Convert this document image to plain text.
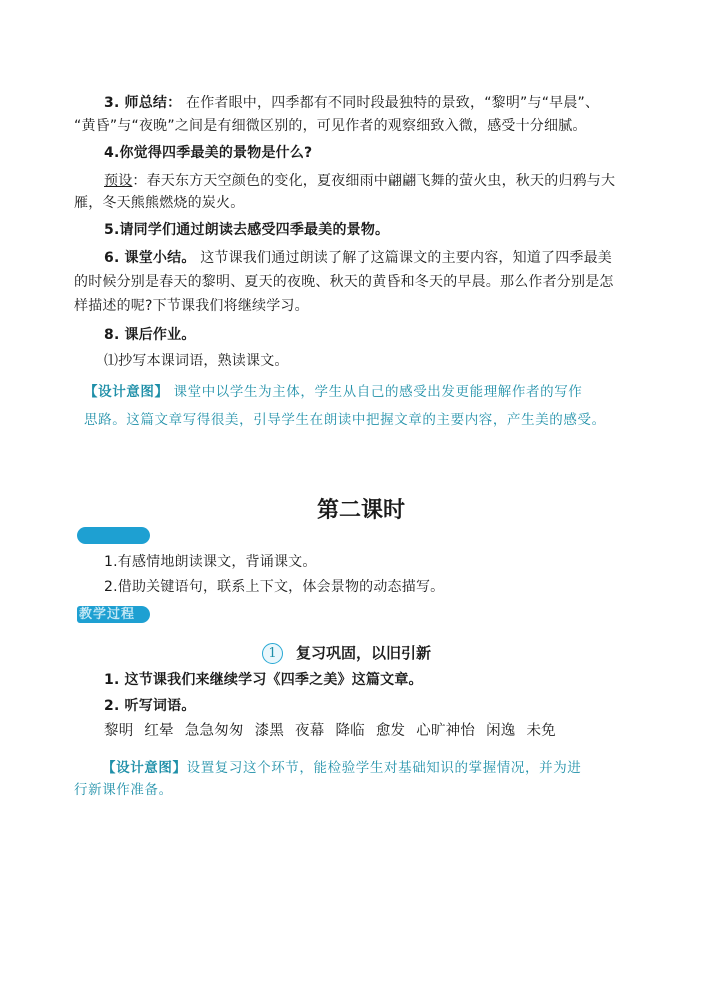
3. 师总结： 在作者眼中，四季都有不同时段最独特的景致，“黎明”与“早晨”、
“黄昏”与“夜晚”之间是有细微区别的，可见作者的观察细致入微，感受十分细腻。
4.你觉得四季最美的景物是什么?
预设：春天东方天空颜色的变化，夏夜细雨中翩翩飞舞的萤火虫，秋天的归鸦与大
雁，冬天熊熊燃烧的炭火。
5.请同学们通过朗读去感受四季最美的景物。
6. 课堂小结。 这节课我们通过朗读了解了这篇课文的主要内容，知道了四季最美
的时候分别是春天的黎明、夏天的夜晚、秋天的黄昏和冬天的早晨。那么作者分别是怎
样描述的呢?下节课我们将继续学习。
8. 课后作业。
⑴抄写本课词语，熟读课文。
【设计意图】 课堂中以学生为主体，学生从自己的感受出发更能理解作者的写作
思路。这篇文章写得很美，引导学生在朗读中把握文章的主要内容，产生美的感受。
第二课时
1.有感情地朗读课文，背诵课文。
2.借助关键语句，联系上下文，体会景物的动态描写。
教学过程
1	复习巩固，以旧引新
1. 这节课我们来继续学习《四季之美》这篇文章。
2. 听写词语。
黎明 红晕 急急匆匆 漆黑 夜幕 降临 愈发 心旷神怡 闲逸 未免
【设计意图】设置复习这个环节，能检验学生对基础知识的掌握情况，并为进
行新课作准备。
